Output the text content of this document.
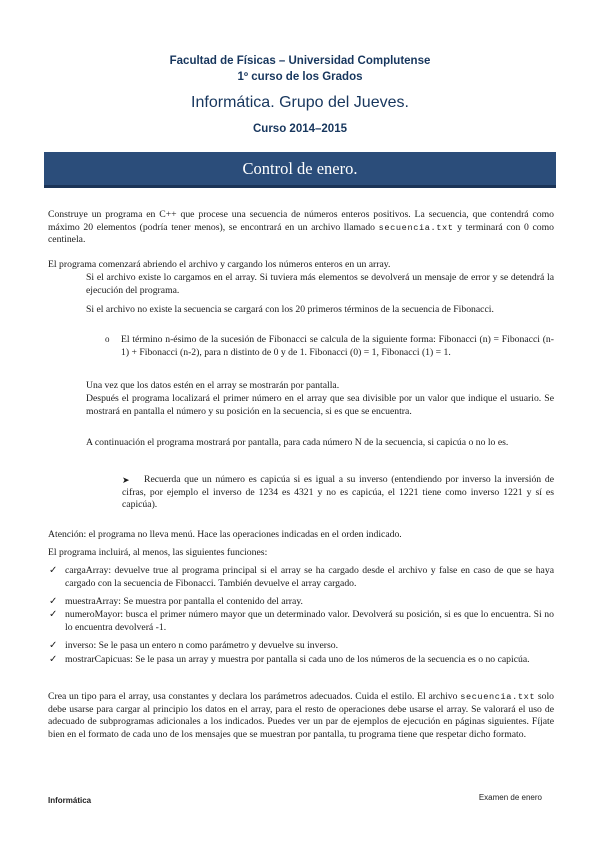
Facultad de Físicas – Universidad Complutense
1º curso de los Grados
Informática. Grupo del Jueves.
Curso 2014–2015
Control de enero.
Construye un programa en C++ que procese una secuencia de números enteros positivos. La secuencia, que contendrá como máximo 20 elementos (podría tener menos), se encontrará en un archivo llamado secuencia.txt y terminará con 0 como centinela.
El programa comenzará abriendo el archivo y cargando los números enteros en un array.
Si el archivo existe lo cargamos en el array. Si tuviera más elementos se devolverá un mensaje de error y se detendrá la ejecución del programa.
Si el archivo no existe la secuencia se cargará con los 20 primeros términos de la secuencia de Fibonacci.
o El término n-ésimo de la sucesión de Fibonacci se calcula de la siguiente forma: Fibonacci (n) = Fibonacci (n-1) + Fibonacci (n-2), para n distinto de 0 y de 1. Fibonacci (0) = 1, Fibonacci (1) = 1.
Una vez que los datos estén en el array se mostrarán por pantalla.
Después el programa localizará el primer número en el array que sea divisible por un valor que indique el usuario. Se mostrará en pantalla el número y su posición en la secuencia, si es que se encuentra.
A continuación el programa mostrará por pantalla, para cada número N de la secuencia, si capicúa o no lo es.
➤	Recuerda que un número es capicúa si es igual a su inverso (entendiendo por inverso la inversión de cifras, por ejemplo el inverso de 1234 es 4321 y no es capicúa, el 1221 tiene como inverso 1221 y sí es capicúa).
Atención: el programa no lleva menú. Hace las operaciones indicadas en el orden indicado.
El programa incluirá, al menos, las siguientes funciones:
✓ cargaArray: devuelve true al programa principal si el array se ha cargado desde el archivo y false en caso de que se haya cargado con la secuencia de Fibonacci. También devuelve el array cargado.
✓ muestraArray: Se muestra por pantalla el contenido del array.
✓ numeroMayor: busca el primer número mayor que un determinado valor. Devolverá su posición, si es que lo encuentra. Si no lo encuentra devolverá -1.
✓ inverso: Se le pasa un entero n como parámetro y devuelve su inverso.
✓ mostrarCapicuas: Se le pasa un array y muestra por pantalla si cada uno de los números de la secuencia es o no capicúa.
Crea un tipo para el array, usa constantes y declara los parámetros adecuados. Cuida el estilo. El archivo secuencia.txt solo debe usarse para cargar al principio los datos en el array, para el resto de operaciones debe usarse el array. Se valorará el uso de adecuado de subprogramas adicionales a los indicados. Puedes ver un par de ejemplos de ejecución en páginas siguientes. Fíjate bien en el formato de cada uno de los mensajes que se muestran por pantalla, tu programa tiene que respetar dicho formato.
Informática	Examen de enero
